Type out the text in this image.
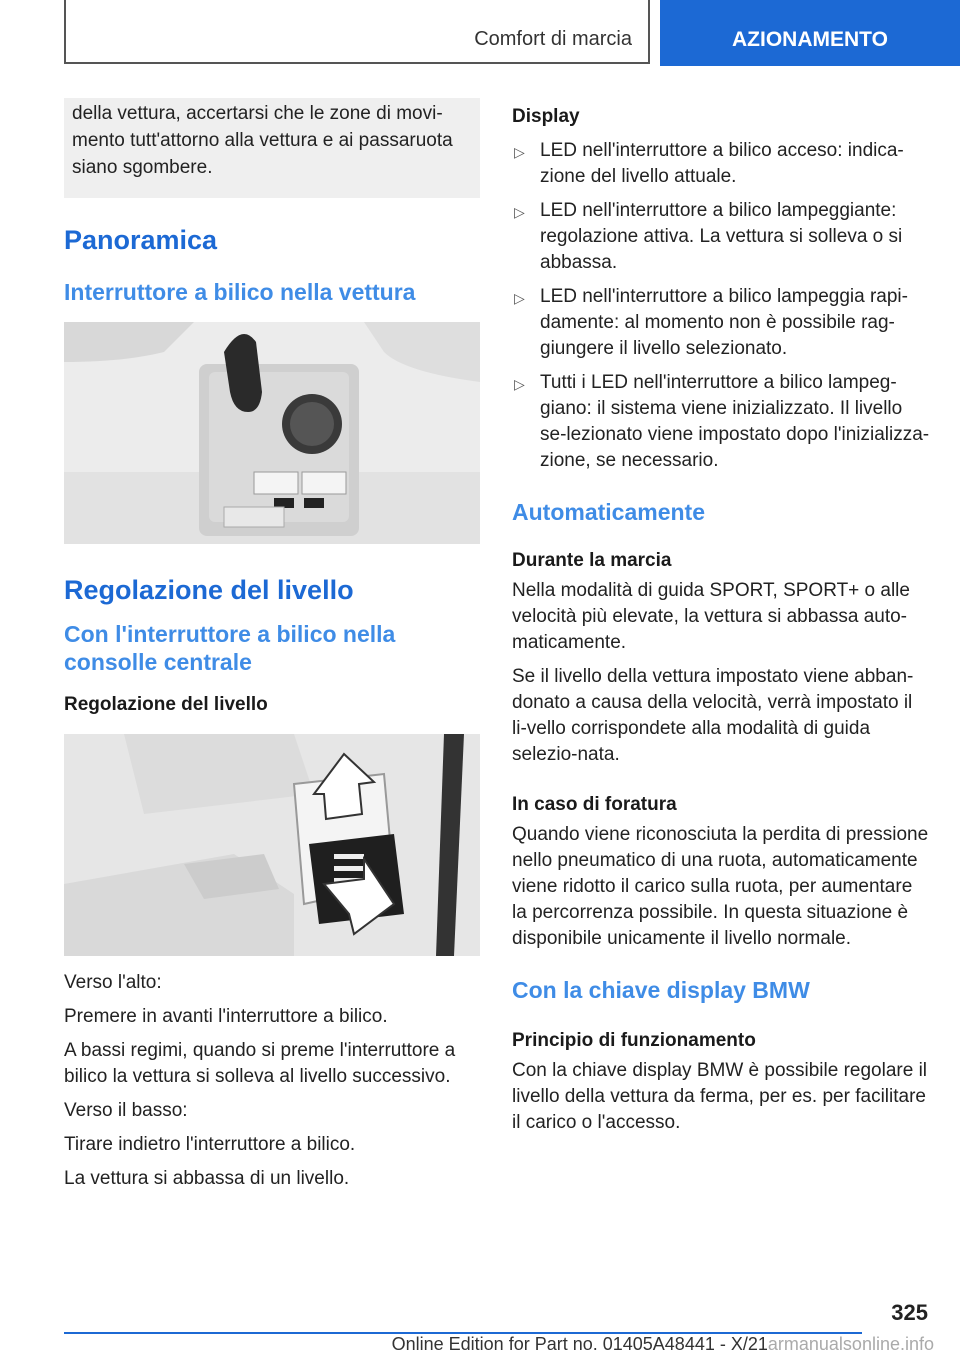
Comfort di marcia	AZIONAMENTO
della vettura, accertarsi che le zone di movi-mento tutt'attorno alla vettura e ai passaruota siano sgombere.
Panoramica
Interruttore a bilico nella vettura
Regolazione del livello
Con l'interruttore a bilico nella consolle centrale
Regolazione del livello
Verso l'alto:
Premere in avanti l'interruttore a bilico.
A bassi regimi, quando si preme l'interruttore a bilico la vettura si solleva al livello successivo.
Verso il basso:
Tirare indietro l'interruttore a bilico.
La vettura si abbassa di un livello.
Display
▷ LED nell'interruttore a bilico acceso: indica-zione del livello attuale.
▷ LED nell'interruttore a bilico lampeggiante: regolazione attiva. La vettura si solleva o si abbassa.
▷ LED nell'interruttore a bilico lampeggia rapi-damente: al momento non è possibile rag-giungere il livello selezionato.
▷ Tutti i LED nell'interruttore a bilico lampeg-giano: il sistema viene inizializzato. Il livello se-lezionato viene impostato dopo l'inizializza-zione, se necessario.
Automaticamente
Durante la marcia
Nella modalità di guida SPORT, SPORT+ o alle velocità più elevate, la vettura si abbassa auto-maticamente.
Se il livello della vettura impostato viene abban-donato a causa della velocità, verrà impostato il li-vello corrispondete alla modalità di guida selezio-nata.
In caso di foratura
Quando viene riconosciuta la perdita di pressione nello pneumatico di una ruota, automaticamente viene ridotto il carico sulla ruota, per aumentare la percorrenza possibile. In questa situazione è disponibile unicamente il livello normale.
Con la chiave display BMW
Principio di funzionamento
Con la chiave display BMW è possibile regolare il livello della vettura da ferma, per es. per facilitare il carico o l'accesso.
325
Online Edition for Part no. 01405A48441 - X/21armanualsonline.info
